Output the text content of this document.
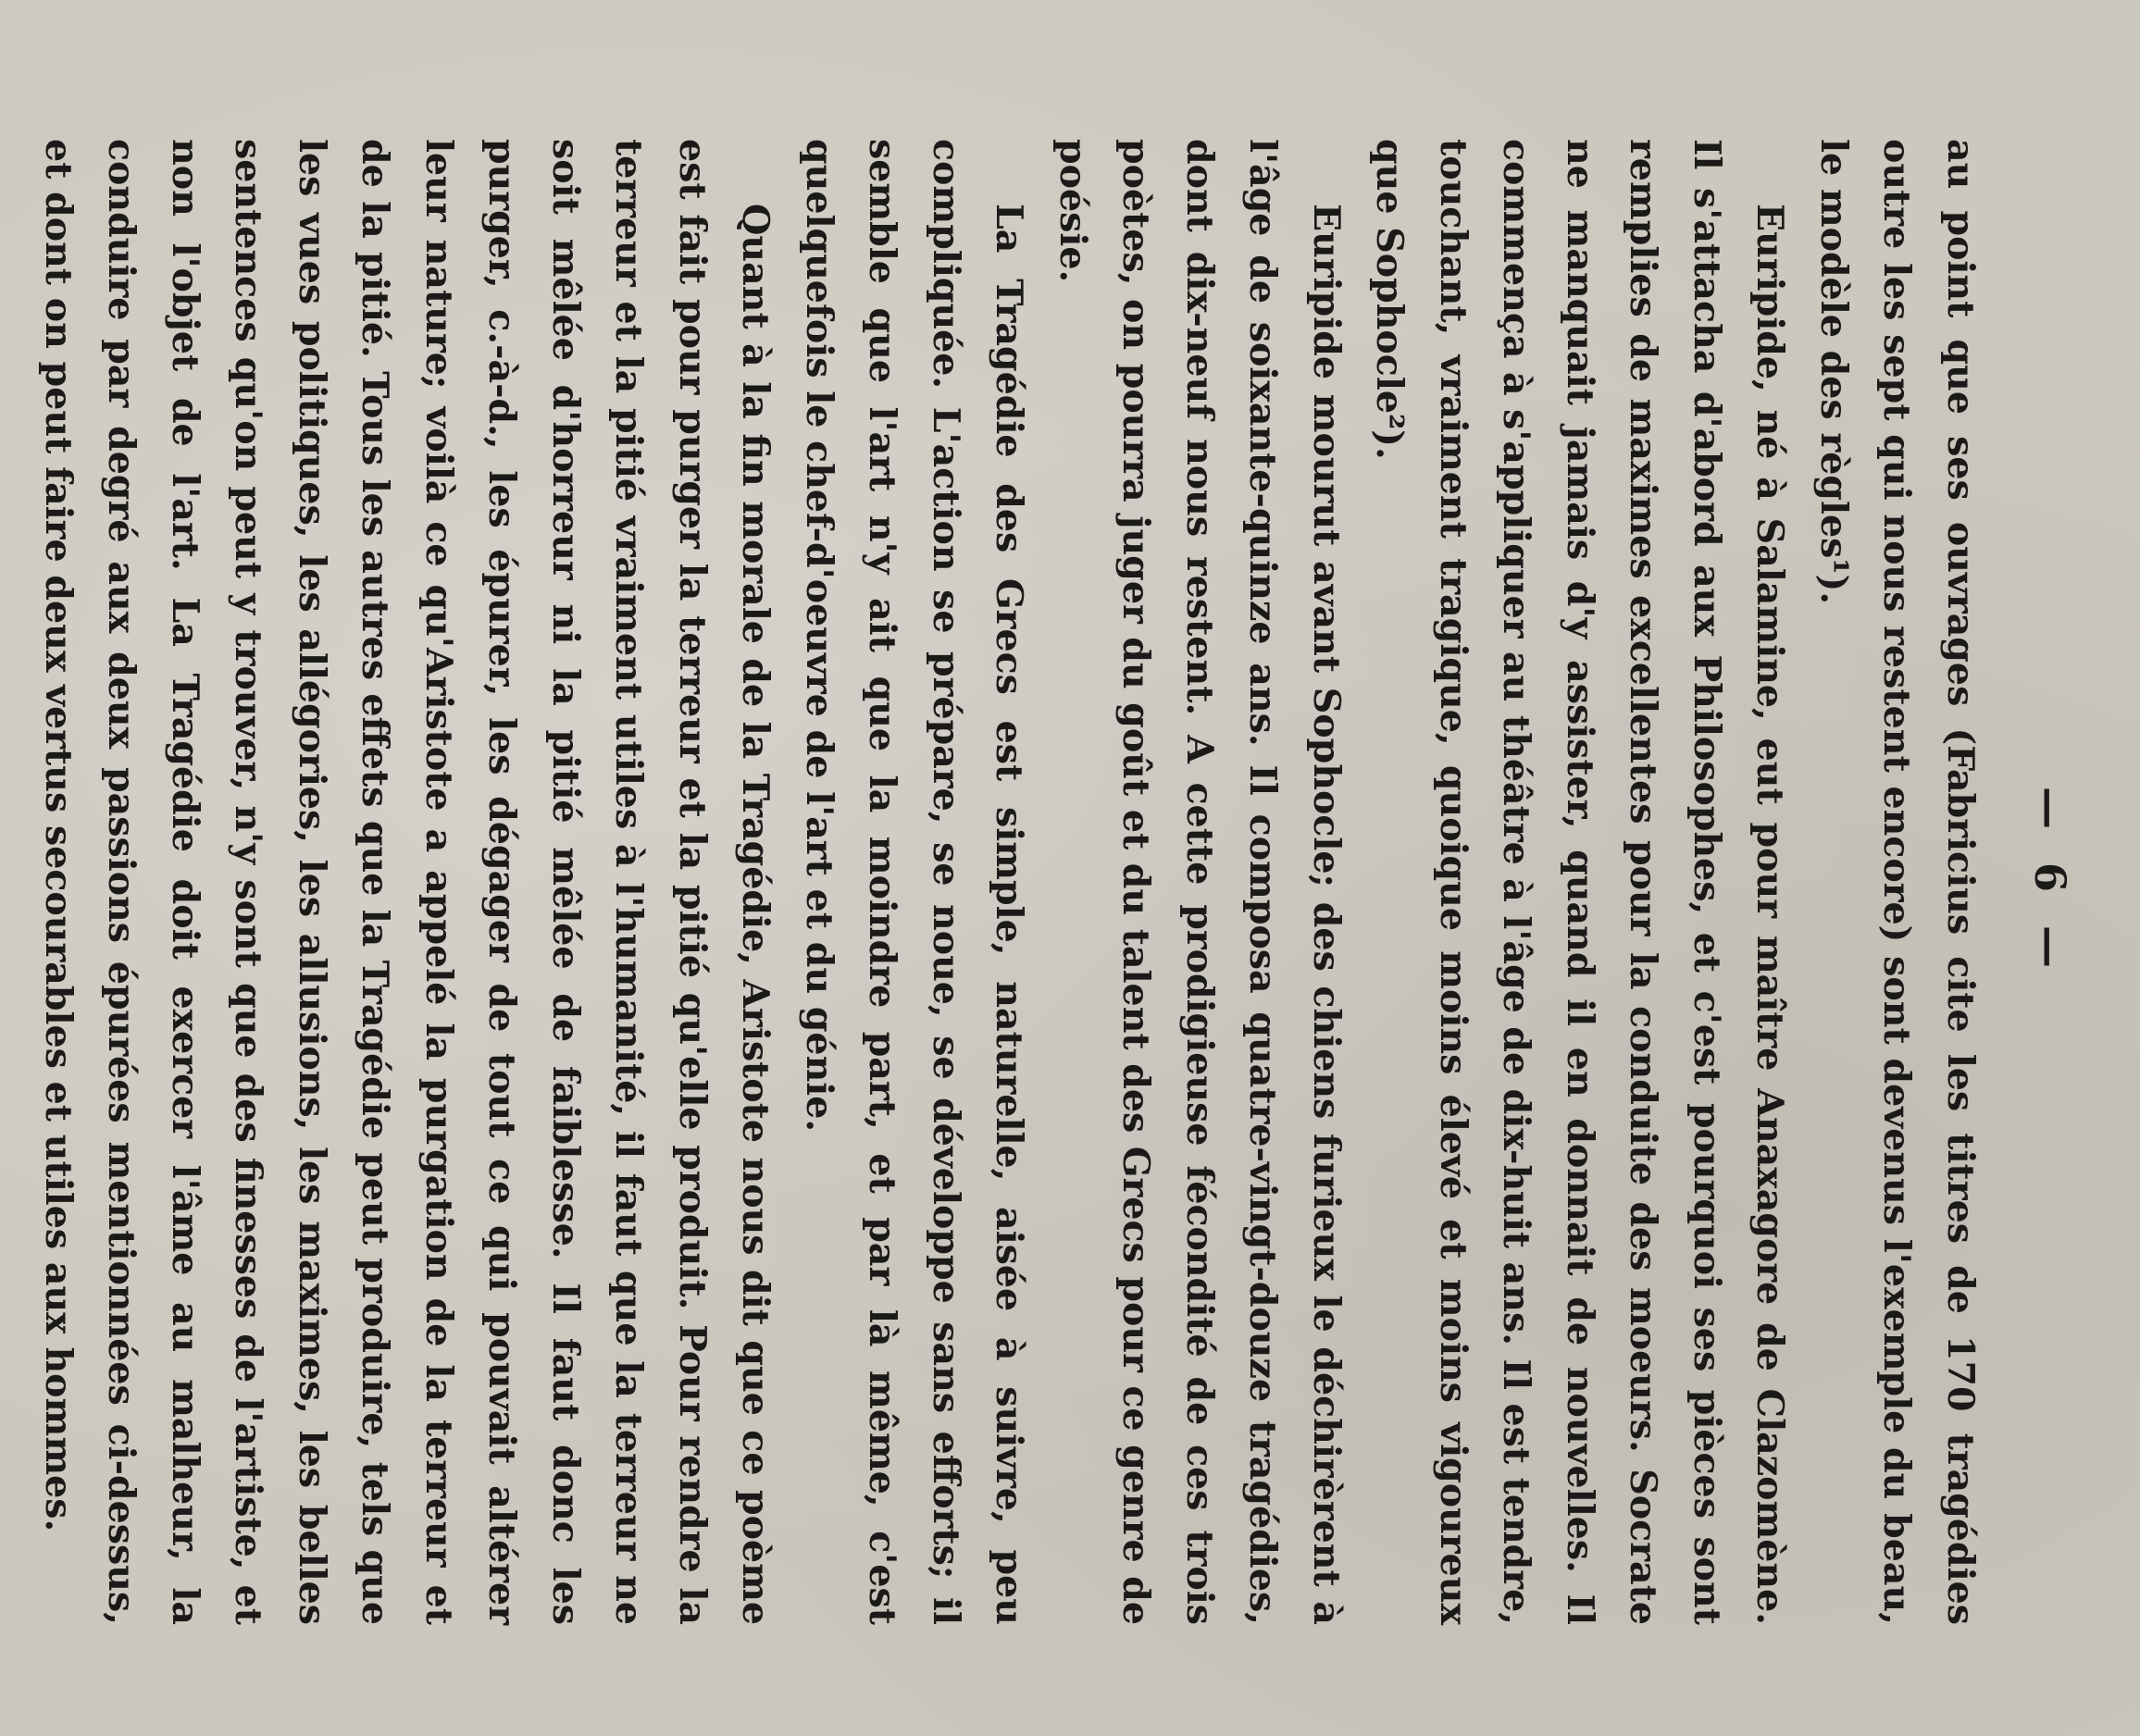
— 6 —

au point que ses ouvrages (Fabricius cite les titres de 170 tragédies outre les sept qui nous restent encore) sont devenus l'exemple du beau, le modèle des règles¹).

Euripide, né à Salamine, eut pour maître Anaxagore de Clazomène. Il s'attacha d'abord aux Philosophes, et c'est pourquoi ses pièces sont remplies de maximes excellentes pour la conduite des moeurs. Socrate ne manquait jamais d'y assister, quand il en donnait de nouvelles. Il commença à s'appliquer au théâtre à l'âge de dix-huit ans. Il est tendre, touchant, vraiment tragique, quoique moins élevé et moins vigoureux que Sophocle²).

Euripide mourut avant Sophocle; des chiens furieux le déchirèrent à l'âge de soixante-quinze ans. Il composa quatre-vingt-douze tragédies, dont dix-neuf nous restent. A cette prodigieuse fécondité de ces trois poètes, on pourra juger du goût et du talent des Grecs pour ce genre de poésie.

La Tragédie des Grecs est simple, naturelle, aisée à suivre, peu compliquée. L'action se prépare, se noue, se développe sans efforts; il semble que l'art n'y ait que la moindre part, et par là même, c'est quelquefois le chef-d'oeuvre de l'art et du génie.

Quant à la fin morale de la Tragédie, Aristote nous dit que ce poème est fait pour purger la terreur et la pitié qu'elle produit. Pour rendre la terreur et la pitié vraiment utiles à l'humanité, il faut que la terreur ne soit mêlée d'horreur ni la pitié mêlée de faiblesse. Il faut donc les purger, c.-à-d., les épurer, les dégager de tout ce qui pouvait altérer leur nature; voilà ce qu'Aristote a appelé la purgation de la terreur et de la pitié. Tous les autres effets que la Tragédie peut produire, tels que les vues politiques, les allégories, les allusions, les maximes, les belles sentences qu'on peut y trouver, n'y sont que des finesses de l'artiste, et non l'objet de l'art. La Tragédie doit exercer l'âme au malheur, la conduire par degré aux deux passions épurées mentionnées ci-dessus, et dont on peut faire deux vertus secourables et utiles aux hommes.
